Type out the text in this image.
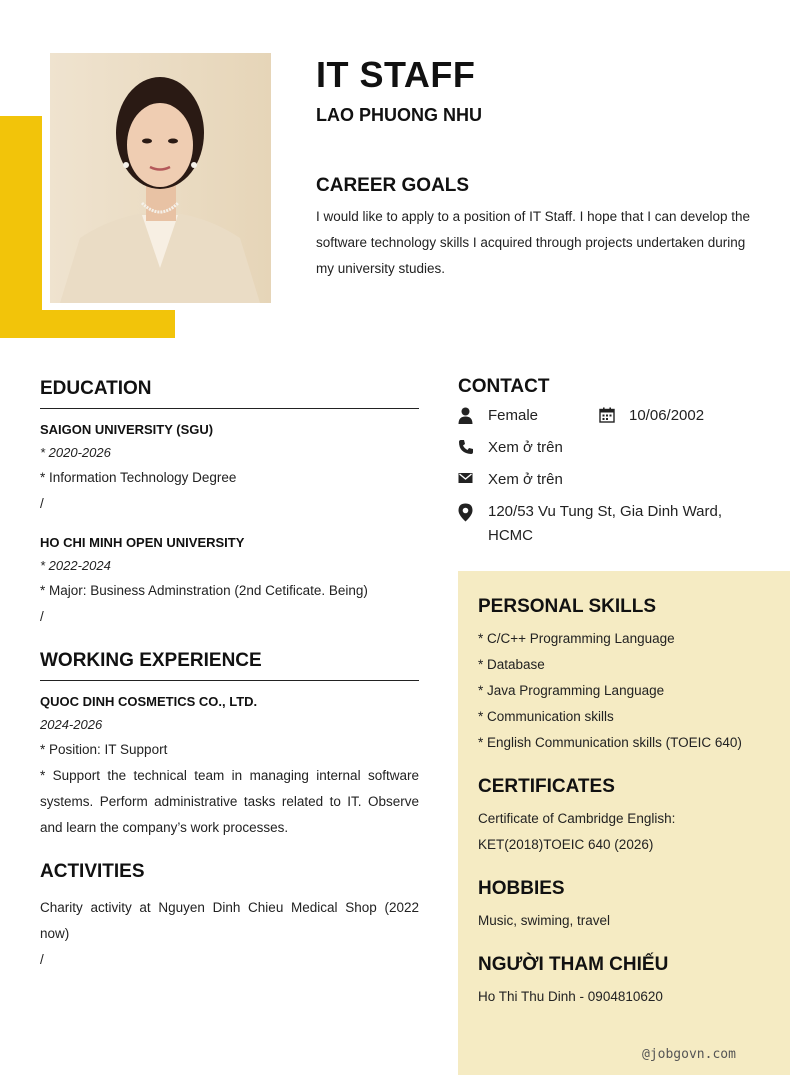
IT STAFF
LAO PHUONG NHU
CAREER GOALS
I would like to apply to a position of IT Staff. I hope that I can develop the software technology skills I acquired through projects undertaken during my university studies.
EDUCATION
SAIGON UNIVERSITY (SGU)
* 2020-2026
* Information Technology Degree
/
HO CHI MINH OPEN UNIVERSITY
* 2022-2024
* Major: Business Adminstration (2nd Cetificate. Being)
/
WORKING EXPERIENCE
QUOC DINH COSMETICS CO., LTD.
2024-2026
* Position: IT Support
* Support the technical team in managing internal software systems. Perform administrative tasks related to IT. Observe and learn the company’s work processes.
ACTIVITIES
Charity activity at Nguyen Dinh Chieu Medical Shop (2022 now)
/
CONTACT
Female	10/06/2002
Xem ở trên
Xem ở trên
120/53 Vu Tung St, Gia Dinh Ward, HCMC
PERSONAL SKILLS
* C/C++ Programming Language
* Database
* Java Programming Language
* Communication skills
* English Communication skills (TOEIC 640)
CERTIFICATES
Certificate of Cambridge English:
KET(2018)TOEIC 640 (2026)
HOBBIES
Music, swiming, travel
NGƯỜI THAM CHIẾU
Ho Thi Thu Dinh - 0904810620
@jobgovn.com
